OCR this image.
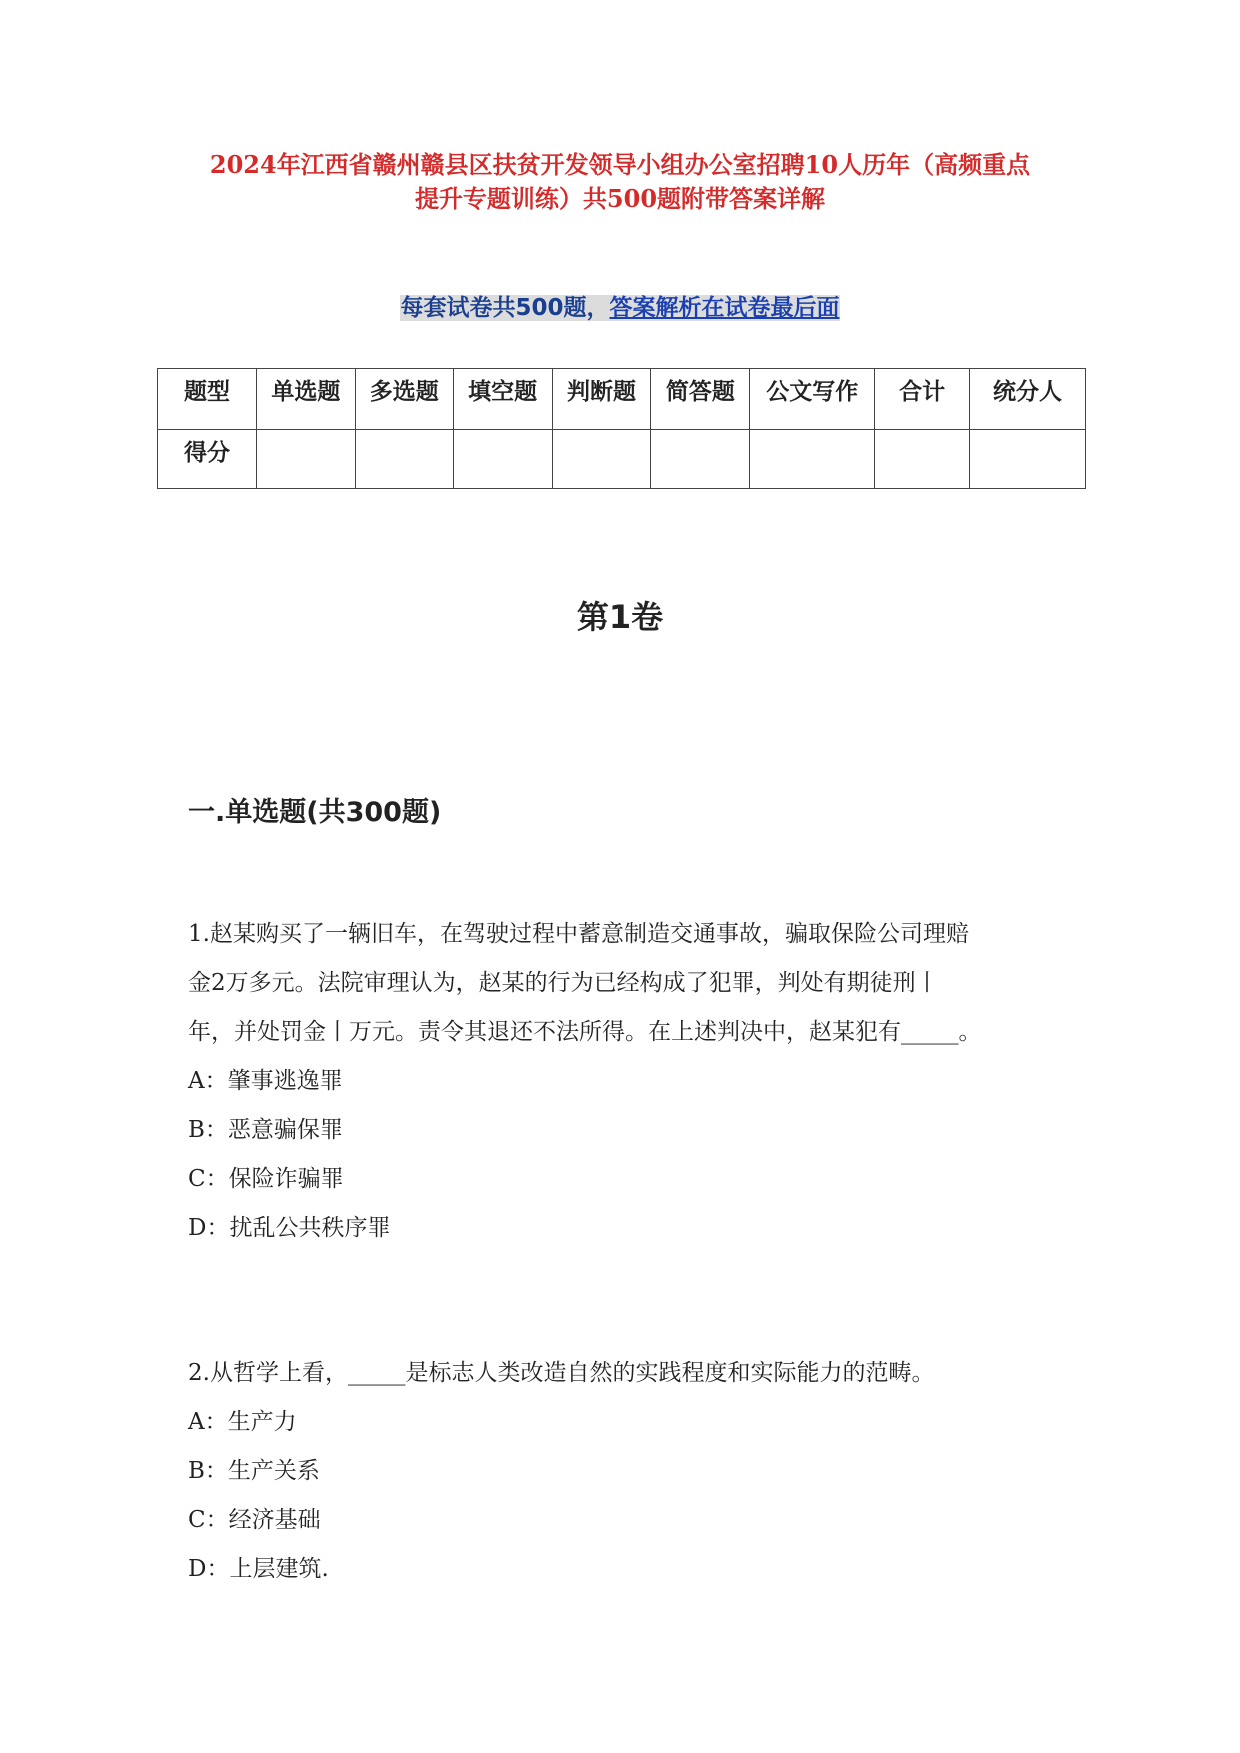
2024年江西省赣州赣县区扶贫开发领导小组办公室招聘10人历年（高频重点
提升专题训练）共500题附带答案详解
每套试卷共500题，答案解析在试卷最后面
题型	单选题	多选题	填空题	判断题	简答题	公文写作	合计	统分人
得分								
第1卷
一.单选题(共300题)

1.赵某购买了一辆旧车，在驾驶过程中蓄意制造交通事故，骗取保险公司理赔

金2万多元。法院审理认为，赵某的行为已经构成了犯罪，判处有期徒刑丨

年，并处罚金丨万元。责令其退还不法所得。在上述判决中，赵某犯有_____。

A：肇事逃逸罪

B：恶意骗保罪

C：保险诈骗罪

D：扰乱公共秩序罪

2.从哲学上看，_____是标志人类改造自然的实践程度和实际能力的范畴。

A：生产力

B：生产关系

C：经济基础

D：上层建筑.
